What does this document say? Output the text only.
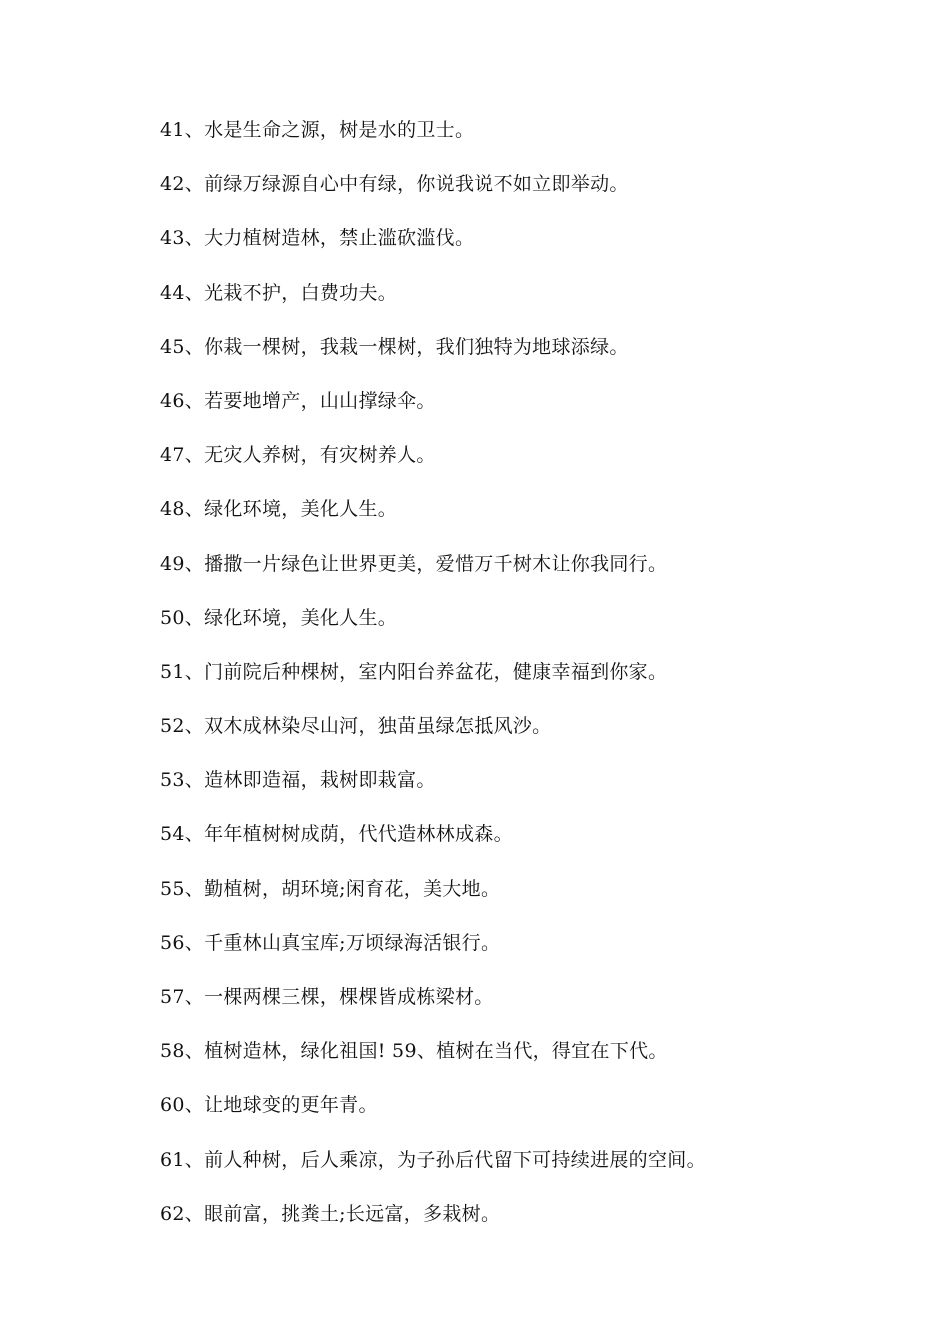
41、水是生命之源，树是水的卫士。
42、前绿万绿源自心中有绿，你说我说不如立即举动。
43、大力植树造林，禁止滥砍滥伐。
44、光栽不护，白费功夫。
45、你栽一棵树，我栽一棵树，我们独特为地球添绿。
46、若要地增产，山山撑绿伞。
47、无灾人养树，有灾树养人。
48、绿化环境，美化人生。
49、播撒一片绿色让世界更美，爱惜万千树木让你我同行。
50、绿化环境，美化人生。
51、门前院后种棵树，室内阳台养盆花，健康幸福到你家。
52、双木成林染尽山河，独苗虽绿怎抵风沙。
53、造林即造福，栽树即栽富。
54、年年植树树成荫，代代造林林成森。
55、勤植树，胡环境;闲育花，美大地。
56、千重林山真宝库;万顷绿海活银行。
57、一棵两棵三棵，棵棵皆成栋梁材。
58、植树造林，绿化祖国! 59、植树在当代，得宜在下代。
60、让地球变的更年青。
61、前人种树，后人乘凉，为子孙后代留下可持续进展的空间。
62、眼前富，挑粪土;长远富，多栽树。
